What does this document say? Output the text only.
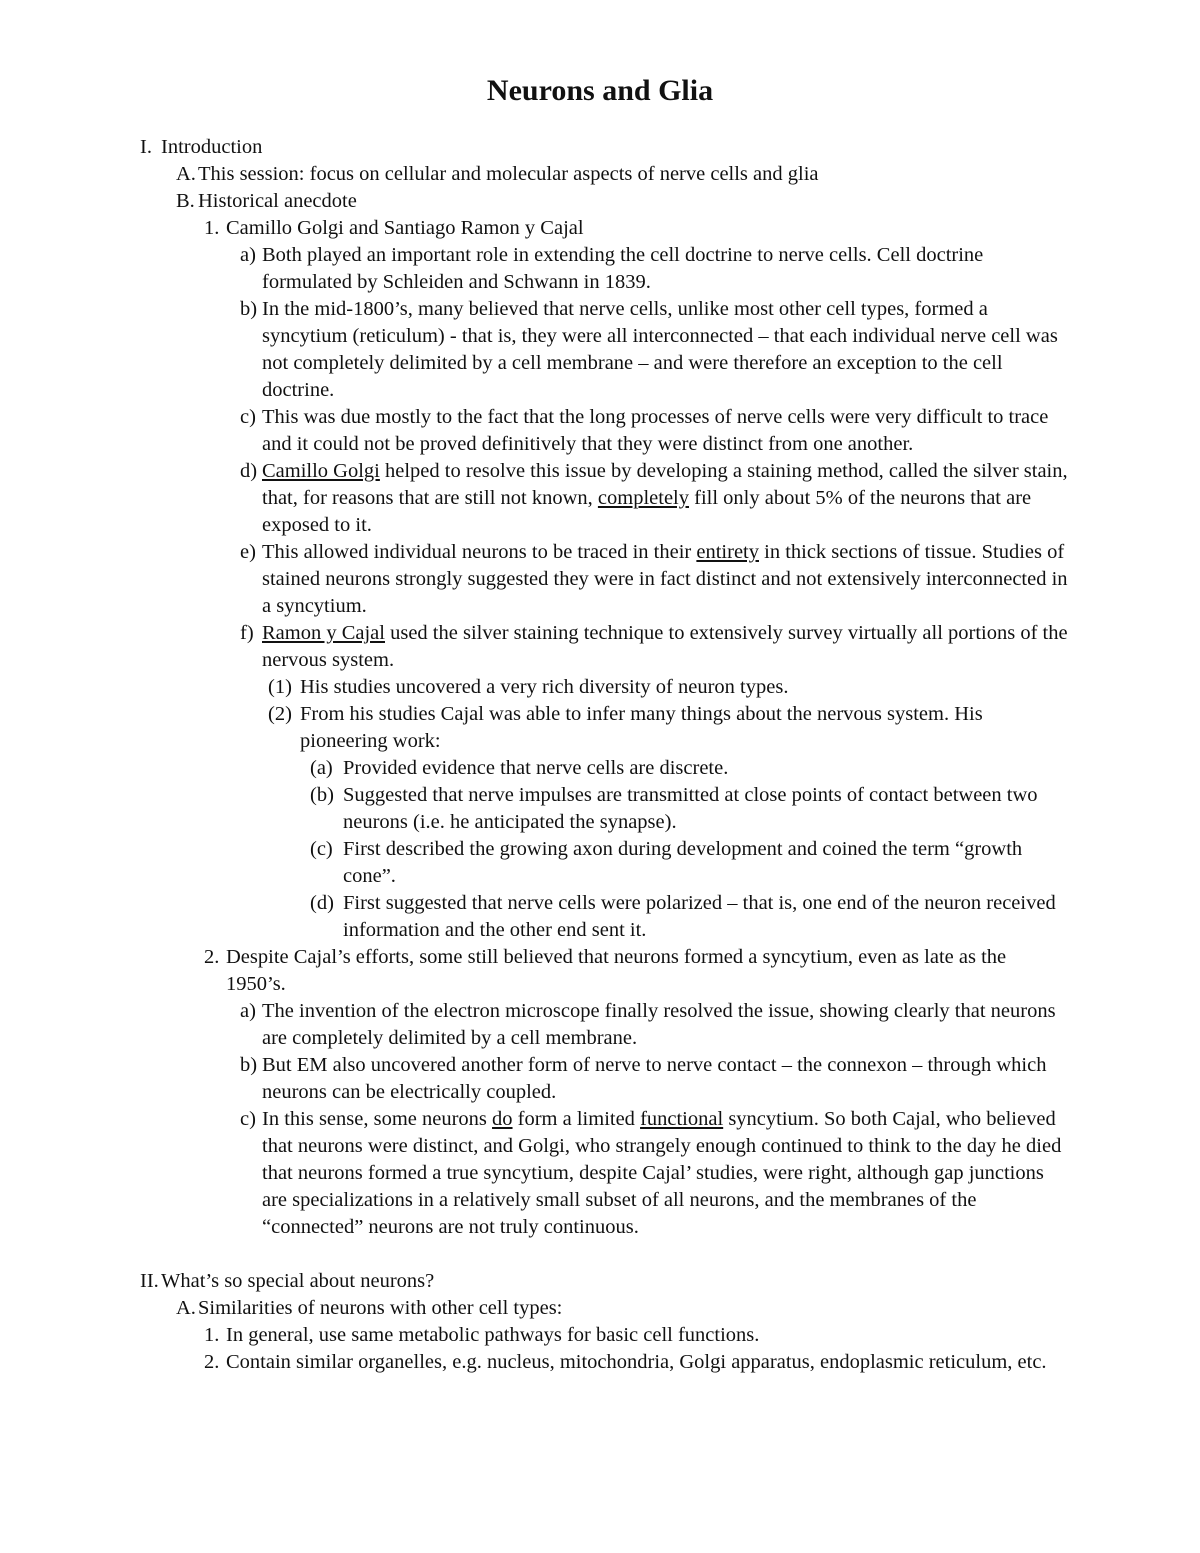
Neurons and Glia
I. Introduction
A. This session: focus on cellular and molecular aspects of nerve cells and glia
B. Historical anecdote
1. Camillo Golgi and Santiago Ramon y Cajal
a) Both played an important role in extending the cell doctrine to nerve cells. Cell doctrine formulated by Schleiden and Schwann in 1839.
b) In the mid-1800’s, many believed that nerve cells, unlike most other cell types, formed a syncytium (reticulum) - that is, they were all interconnected – that each individual nerve cell was not completely delimited by a cell membrane – and were therefore an exception to the cell doctrine.
c) This was due mostly to the fact that the long processes of nerve cells were very difficult to trace and it could not be proved definitively that they were distinct from one another.
d) Camillo Golgi helped to resolve this issue by developing a staining method, called the silver stain, that, for reasons that are still not known, completely fill only about 5% of the neurons that are exposed to it.
e) This allowed individual neurons to be traced in their entirety in thick sections of tissue. Studies of stained neurons strongly suggested they were in fact distinct and not extensively interconnected in a syncytium.
f) Ramon y Cajal used the silver staining technique to extensively survey virtually all portions of the nervous system.
(1) His studies uncovered a very rich diversity of neuron types.
(2) From his studies Cajal was able to infer many things about the nervous system. His pioneering work:
(a) Provided evidence that nerve cells are discrete.
(b) Suggested that nerve impulses are transmitted at close points of contact between two neurons (i.e. he anticipated the synapse).
(c) First described the growing axon during development and coined the term “growth cone”.
(d) First suggested that nerve cells were polarized – that is, one end of the neuron received information and the other end sent it.
2. Despite Cajal’s efforts, some still believed that neurons formed a syncytium, even as late as the 1950’s.
a) The invention of the electron microscope finally resolved the issue, showing clearly that neurons are completely delimited by a cell membrane.
b) But EM also uncovered another form of nerve to nerve contact – the connexon – through which neurons can be electrically coupled.
c) In this sense, some neurons do form a limited functional syncytium. So both Cajal, who believed that neurons were distinct, and Golgi, who strangely enough continued to think to the day he died that neurons formed a true syncytium, despite Cajal’ studies, were right, although gap junctions are specializations in a relatively small subset of all neurons, and the membranes of the “connected” neurons are not truly continuous.
II. What’s so special about neurons?
A. Similarities of neurons with other cell types:
1. In general, use same metabolic pathways for basic cell functions.
2. Contain similar organelles, e.g. nucleus, mitochondria, Golgi apparatus, endoplasmic reticulum, etc.
